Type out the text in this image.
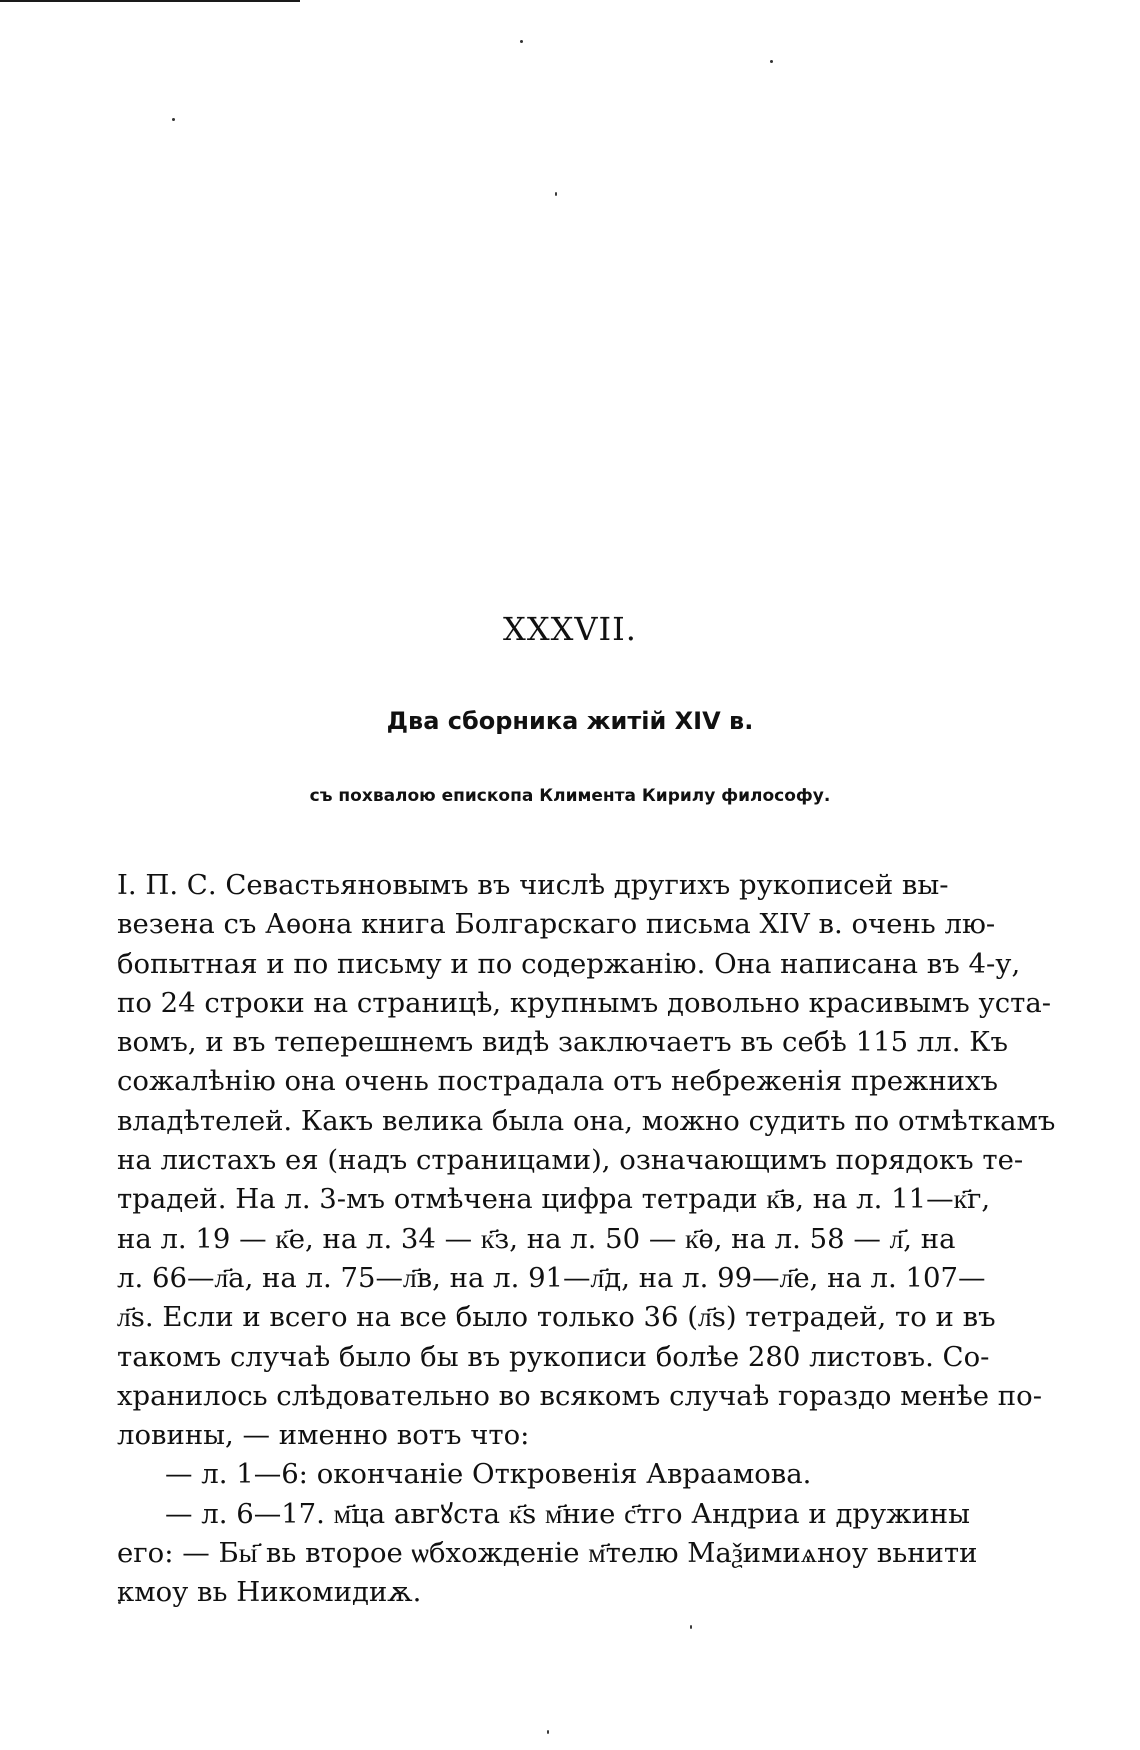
XXXVII.
Два сборника житій XIV в.
съ похвалою епископа Климента Кирилу философу.
I. П. С. Севастьяновымъ въ числѣ другихъ рукописей вы-
везена съ Аѳона книга Болгарскаго письма XIV в. очень лю-
бопытная и по письму и по содержанію. Она написана въ 4-у,
по 24 строки на страницѣ, крупнымъ довольно красивымъ уста-
вомъ, и въ теперешнемъ видѣ заключаетъ въ себѣ 115 лл. Къ
сожалѣнію она очень пострадала отъ небреженія прежнихъ
владѣтелей. Какъ велика была она, можно судить по отмѣткамъ
на листахъ ея (надъ страницами), означающимъ порядокъ те-
традей. На л. 3-мъ отмѣчена цифра тетради к҃в, на л. 11—к҃г,
на л. 19 — к҃е, на л. 34 — к҃з, на л. 50 — к҃ѳ, на л. 58 — л҃, на
л. 66—л҃а, на л. 75—л҃в, на л. 91—л҃д, на л. 99—л҃е, на л. 107—
л҃s. Если и всего на все было только 36 (л҃s) тетрадей, то и въ
такомъ случаѣ было бы въ рукописи болѣе 280 листовъ. Со-
хранилось слѣдовательно во всякомъ случаѣ гораздо менѣе по-
ловины, — именно вотъ что:
— л. 1—6: окончаніе Откровенія Авраамова.
— л. 6—17. м҃ца авгꙋста к҃s м҃ние с҃тго Андриа и дружины
его: — Бы҃ вь второе ѡбхожденіе м҃телю Маѯимиѧноу вьнити
кмоу вь Никомидиѫ.
